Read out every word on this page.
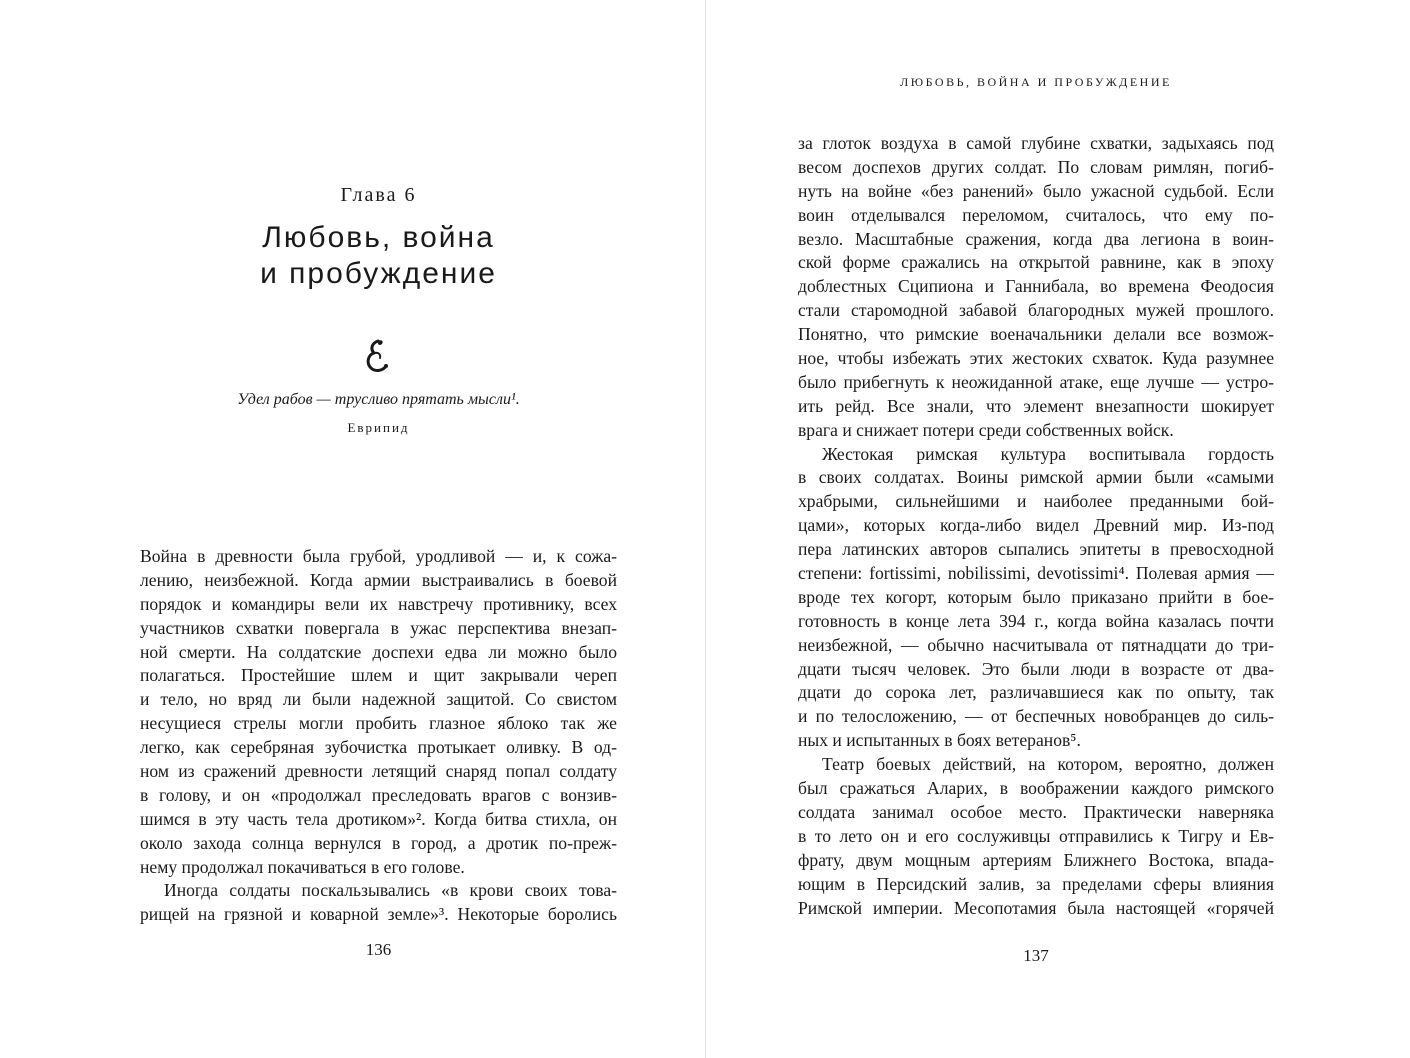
Глава 6
Любовь, война
и пробуждение
Удел рабов — трусливо прятать мысли¹.
Еврипид
Война в древности была грубой, уродливой — и, к сожа-
лению, неизбежной. Когда армии выстраивались в боевой
порядок и командиры вели их навстречу противнику, всех
участников схватки повергала в ужас перспектива внезап-
ной смерти. На солдатские доспехи едва ли можно было
полагаться. Простейшие шлем и щит закрывали череп
и тело, но вряд ли были надежной защитой. Со свистом
несущиеся стрелы могли пробить глазное яблоко так же
легко, как серебряная зубочистка протыкает оливку. В од-
ном из сражений древности летящий снаряд попал солдату
в голову, и он «продолжал преследовать врагов с вонзив-
шимся в эту часть тела дротиком»². Когда битва стихла, он
около захода солнца вернулся в город, а дротик по-преж-
нему продолжал покачиваться в его голове.
Иногда солдаты поскальзывались «в крови своих това-
рищей на грязной и коварной земле»³. Некоторые боролись
136
ЛЮБОВЬ, ВОЙНА И ПРОБУЖДЕНИЕ
за глоток воздуха в самой глубине схватки, задыхаясь под
весом доспехов других солдат. По словам римлян, погиб-
нуть на войне «без ранений» было ужасной судьбой. Если
воин отделывался переломом, считалось, что ему по-
везло. Масштабные сражения, когда два легиона в воин-
ской форме сражались на открытой равнине, как в эпоху
доблестных Сципиона и Ганнибала, во времена Феодосия
стали старомодной забавой благородных мужей прошлого.
Понятно, что римские военачальники делали все возмож-
ное, чтобы избежать этих жестоких схваток. Куда разумнее
было прибегнуть к неожиданной атаке, еще лучше — устро-
ить рейд. Все знали, что элемент внезапности шокирует
врага и снижает потери среди собственных войск.
Жестокая римская культура воспитывала гордость
в своих солдатах. Воины римской армии были «самыми
храбрыми, сильнейшими и наиболее преданными бой-
цами», которых когда-либо видел Древний мир. Из-под
пера латинских авторов сыпались эпитеты в превосходной
степени: fortissimi, nobilissimi, devotissimi⁴. Полевая армия —
вроде тех когорт, которым было приказано прийти в бое-
готовность в конце лета 394 г., когда война казалась почти
неизбежной, — обычно насчитывала от пятнадцати до три-
дцати тысяч человек. Это были люди в возрасте от два-
дцати до сорока лет, различавшиеся как по опыту, так
и по телосложению, — от беспечных новобранцев до силь-
ных и испытанных в боях ветеранов⁵.
Театр боевых действий, на котором, вероятно, должен
был сражаться Аларих, в воображении каждого римского
солдата занимал особое место. Практически наверняка
в то лето он и его сослуживцы отправились к Тигру и Ев-
фрату, двум мощным артериям Ближнего Востока, впада-
ющим в Персидский залив, за пределами сферы влияния
Римской империи. Месопотамия была настоящей «горячей
137
